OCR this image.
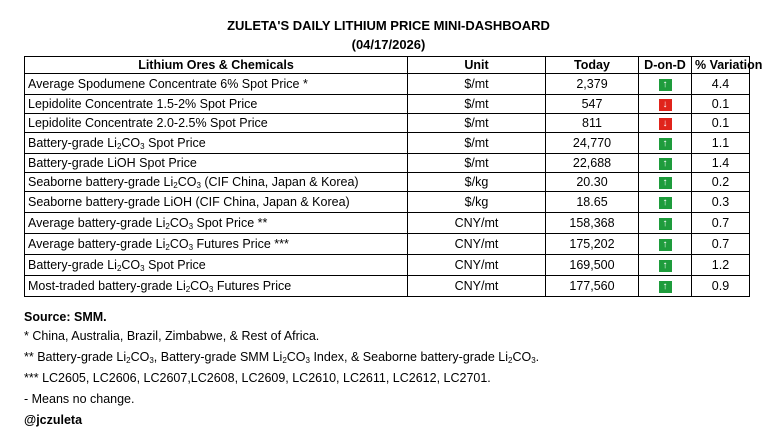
ZULETA'S DAILY LITHIUM PRICE MINI-DASHBOARD
(04/17/2026)
Lithium Ores & Chemicals	Unit	Today	D-on-D	% Variation
Average Spodumene Concentrate 6% Spot Price *	$/mt	2,379	↑	4.4
Lepidolite Concentrate 1.5-2% Spot Price	$/mt	547	↓	0.1
Lepidolite Concentrate 2.0-2.5% Spot Price	$/mt	811	↓	0.1
Battery-grade $Li_2CO_3$ Spot Price	$/mt	24,770	↑	1.1
Battery-grade LiOH Spot Price	$/mt	22,688	↑	1.4
Seaborne battery-grade $Li_2CO_3$ (CIF China, Japan & Korea)	$/kg	20.30	↑	0.2
Seaborne battery-grade LiOH (CIF China, Japan & Korea)	$/kg	18.65	↑	0.3
Average battery-grade $Li_2CO_3$ Spot Price **	CNY/mt	158,368	↑	0.7
Average battery-grade $Li_2CO_3$ Futures Price ***	CNY/mt	175,202	↑	0.7
Battery-grade $Li_2CO_3$ Spot Price	CNY/mt	169,500	↑	1.2
Most-traded battery-grade $Li_2CO_3$ Futures Price	CNY/mt	177,560	↑	0.9
Source: SMM.
* China, Australia, Brazil, Zimbabwe, & Rest of Africa.
** Battery-grade $Li_2CO_3$, Battery-grade SMM $Li_2CO_3$ Index, & Seaborne battery-grade $Li_2CO_3$.
*** LC2605, LC2606, LC2607,LC2608, LC2609, LC2610, LC2611, LC2612, LC2701.
- Means no change.
@jczuleta
